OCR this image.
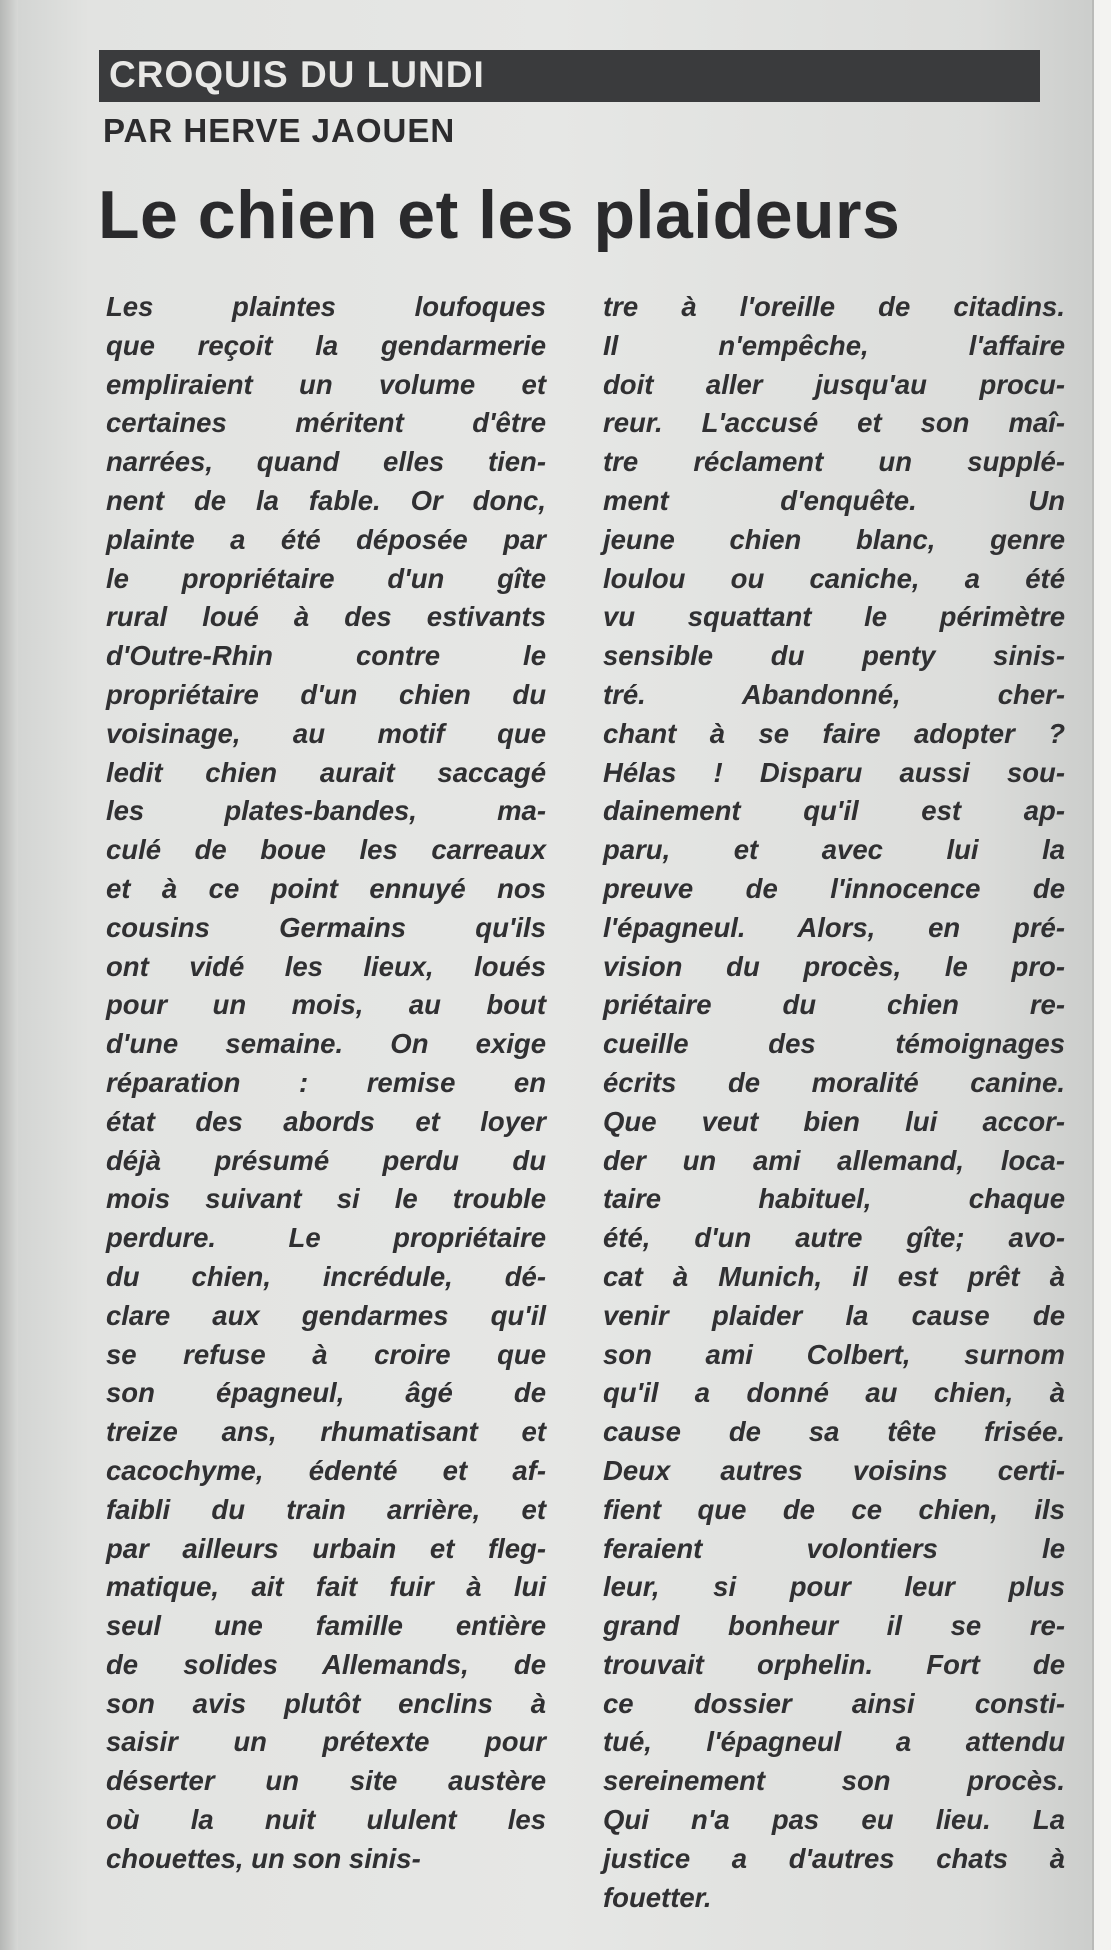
CROQUIS DU LUNDI
PAR HERVE JAOUEN
Le chien et les plaideurs
Les plaintes loufoques
que reçoit la gendarmerie
empliraient un volume et
certaines méritent d'être
narrées, quand elles tien-
nent de la fable. Or donc,
plainte a été déposée par
le propriétaire d'un gîte
rural loué à des estivants
d'Outre-Rhin contre le
propriétaire d'un chien du
voisinage, au motif que
ledit chien aurait saccagé
les plates-bandes, ma-
culé de boue les carreaux
et à ce point ennuyé nos
cousins Germains qu'ils
ont vidé les lieux, loués
pour un mois, au bout
d'une semaine. On exige
réparation : remise en
état des abords et loyer
déjà présumé perdu du
mois suivant si le trouble
perdure. Le propriétaire
du chien, incrédule, dé-
clare aux gendarmes qu'il
se refuse à croire que
son épagneul, âgé de
treize ans, rhumatisant et
cacochyme, édenté et af-
faibli du train arrière, et
par ailleurs urbain et fleg-
matique, ait fait fuir à lui
seul une famille entière
de solides Allemands, de
son avis plutôt enclins à
saisir un prétexte pour
déserter un site austère
où la nuit ululent les
chouettes, un son sinis-
tre à l'oreille de citadins.
Il n'empêche, l'affaire
doit aller jusqu'au procu-
reur. L'accusé et son maî-
tre réclament un supplé-
ment d'enquête. Un
jeune chien blanc, genre
loulou ou caniche, a été
vu squattant le périmètre
sensible du penty sinis-
tré. Abandonné, cher-
chant à se faire adopter ?
Hélas ! Disparu aussi sou-
dainement qu'il est ap-
paru, et avec lui la
preuve de l'innocence de
l'épagneul. Alors, en pré-
vision du procès, le pro-
priétaire du chien re-
cueille des témoignages
écrits de moralité canine.
Que veut bien lui accor-
der un ami allemand, loca-
taire habituel, chaque
été, d'un autre gîte; avo-
cat à Munich, il est prêt à
venir plaider la cause de
son ami Colbert, surnom
qu'il a donné au chien, à
cause de sa tête frisée.
Deux autres voisins certi-
fient que de ce chien, ils
feraient volontiers le
leur, si pour leur plus
grand bonheur il se re-
trouvait orphelin. Fort de
ce dossier ainsi consti-
tué, l'épagneul a attendu
sereinement son procès.
Qui n'a pas eu lieu. La
justice a d'autres chats à
fouetter.
